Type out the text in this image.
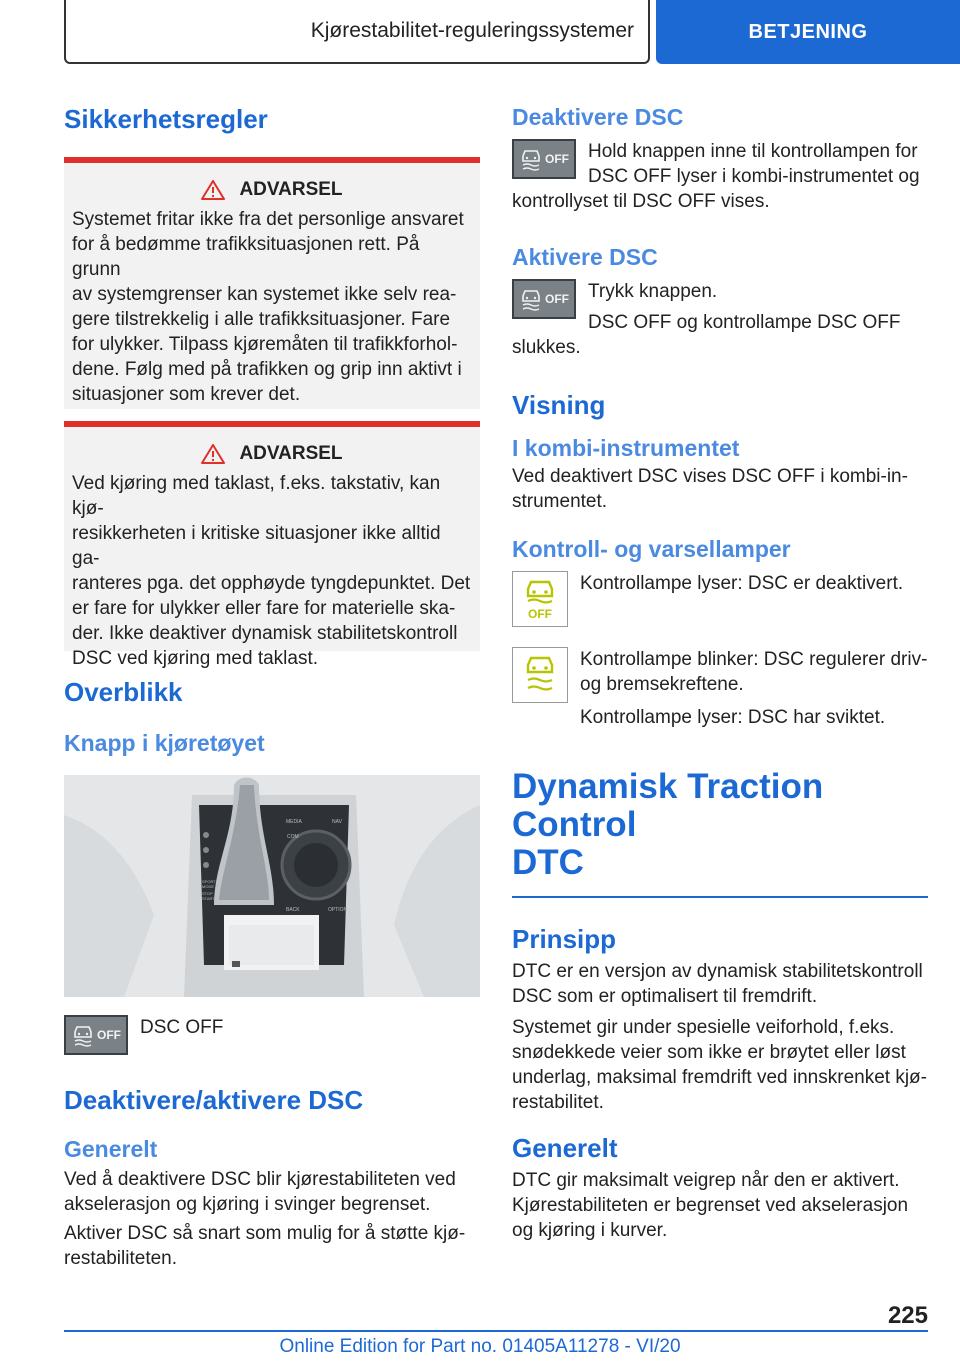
Kjørestabilitet-reguleringssystemer	BETJENING
Sikkerhetsregler
ADVARSEL
Systemet fritar ikke fra det personlige ansvaret
for å bedømme trafikksituasjonen rett. På grunn
av systemgrenser kan systemet ikke selv rea-
gere tilstrekkelig i alle trafikksituasjoner. Fare
for ulykker. Tilpass kjøremåten til trafikkforhol-
dene. Følg med på trafikken og grip inn aktivt i
situasjoner som krever det.
ADVARSEL
Ved kjøring med taklast, f.eks. takstativ, kan kjø-
resikkerheten i kritiske situasjoner ikke alltid ga-
ranteres pga. det opphøyde tyngdepunktet. Det
er fare for ulykker eller fare for materielle ska-
der. Ikke deaktiver dynamisk stabilitetskontroll
DSC ved kjøring med taklast.
Overblikk
Knapp i kjøretøyet
MEDIA
COM
NAV
BACK	OPTION
SPORT
MODE
STOP
START
OFF DSC OFF
Deaktivere/aktivere DSC
Generelt
Ved å deaktivere DSC blir kjørestabiliteten ved
akselerasjon og kjøring i svinger begrenset.
Aktiver DSC så snart som mulig for å støtte kjø-
restabiliteten.
Deaktivere DSC
OFF Hold knappen inne til kontrollampen for
DSC OFF lyser i kombi-instrumentet og
kontrollyset til DSC OFF vises.
Aktivere DSC
OFF Trykk knappen.
DSC OFF og kontrollampe DSC OFF
slukkes.
Visning
I kombi-instrumentet
Ved deaktivert DSC vises DSC OFF i kombi-in-
strumentet.
Kontroll- og varsellamper
OFF
Kontrollampe lyser: DSC er deaktivert.
Kontrollampe blinker: DSC regulerer driv-
og bremsekreftene.
Kontrollampe lyser: DSC har sviktet.
Dynamisk Traction Control
DTC
Prinsipp
DTC er en versjon av dynamisk stabilitetskontroll
DSC som er optimalisert til fremdrift.
Systemet gir under spesielle veiforhold, f.eks.
snødekkede veier som ikke er brøytet eller løst
underlag, maksimal fremdrift ved innskrenket kjø-
restabilitet.
Generelt
DTC gir maksimalt veigrep når den er aktivert.
Kjørestabiliteten er begrenset ved akselerasjon
og kjøring i kurver.
225
Online Edition for Part no. 01405A11278 - VI/20
